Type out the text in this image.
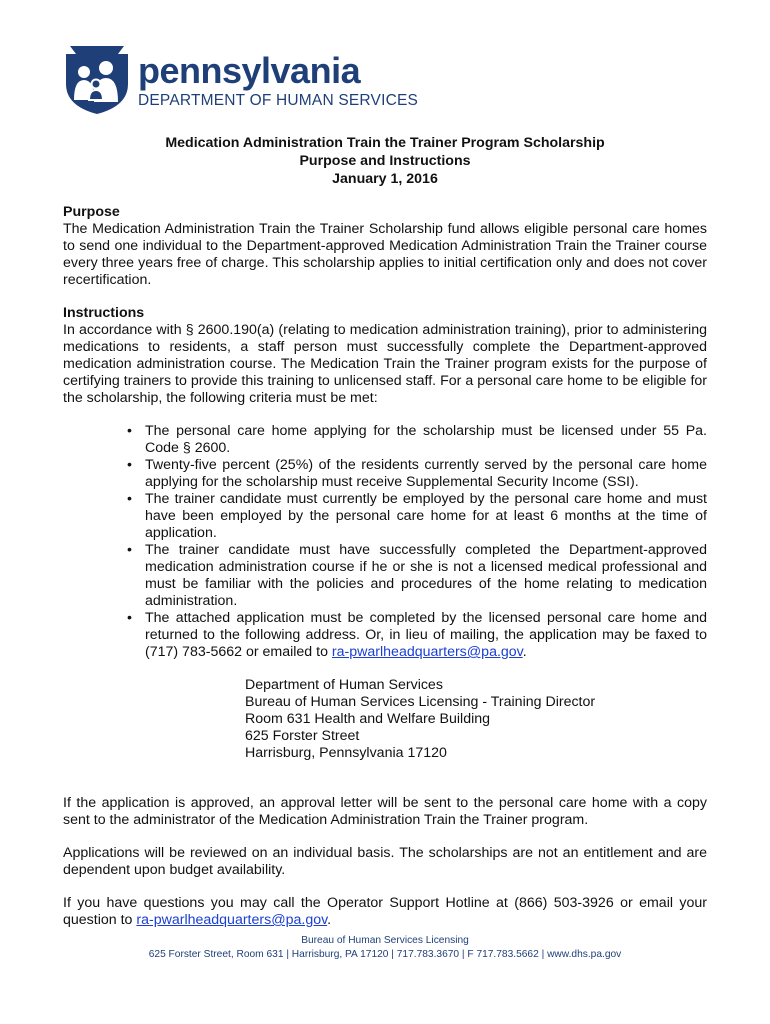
pennsylvania
DEPARTMENT OF HUMAN SERVICES
Medication Administration Train the Trainer Program Scholarship
Purpose and Instructions
January 1, 2016
Purpose

The Medication Administration Train the Trainer Scholarship fund allows eligible personal care homes to send one individual to the Department-approved Medication Administration Train the Trainer course every three years free of charge. This scholarship applies to initial certification only and does not cover recertification.

Instructions

In accordance with § 2600.190(a) (relating to medication administration training), prior to administering medications to residents, a staff person must successfully complete the Department-approved medication administration course. The Medication Train the Trainer program exists for the purpose of certifying trainers to provide this training to unlicensed staff. For a personal care home to be eligible for the scholarship, the following criteria must be met:

• The personal care home applying for the scholarship must be licensed under 55 Pa. Code § 2600.
• Twenty-five percent (25%) of the residents currently served by the personal care home applying for the scholarship must receive Supplemental Security Income (SSI).
• The trainer candidate must currently be employed by the personal care home and must have been employed by the personal care home for at least 6 months at the time of application.
• The trainer candidate must have successfully completed the Department-approved medication administration course if he or she is not a licensed medical professional and must be familiar with the policies and procedures of the home relating to medication administration.
• The attached application must be completed by the licensed personal care home and returned to the following address. Or, in lieu of mailing, the application may be faxed to (717) 783-5662 or emailed to ra-pwarlheadquarters@pa.gov.
Department of Human Services
Bureau of Human Services Licensing - Training Director
Room 631 Health and Welfare Building
625 Forster Street
Harrisburg, Pennsylvania 17120

If the application is approved, an approval letter will be sent to the personal care home with a copy sent to the administrator of the Medication Administration Train the Trainer program.

Applications will be reviewed on an individual basis. The scholarships are not an entitlement and are dependent upon budget availability.

If you have questions you may call the Operator Support Hotline at (866) 503-3926 or email your question to ra-pwarlheadquarters@pa.gov.

Bureau of Human Services Licensing
625 Forster Street, Room 631 | Harrisburg, PA 17120 | 717.783.3670 | F 717.783.5662 | www.dhs.pa.gov
